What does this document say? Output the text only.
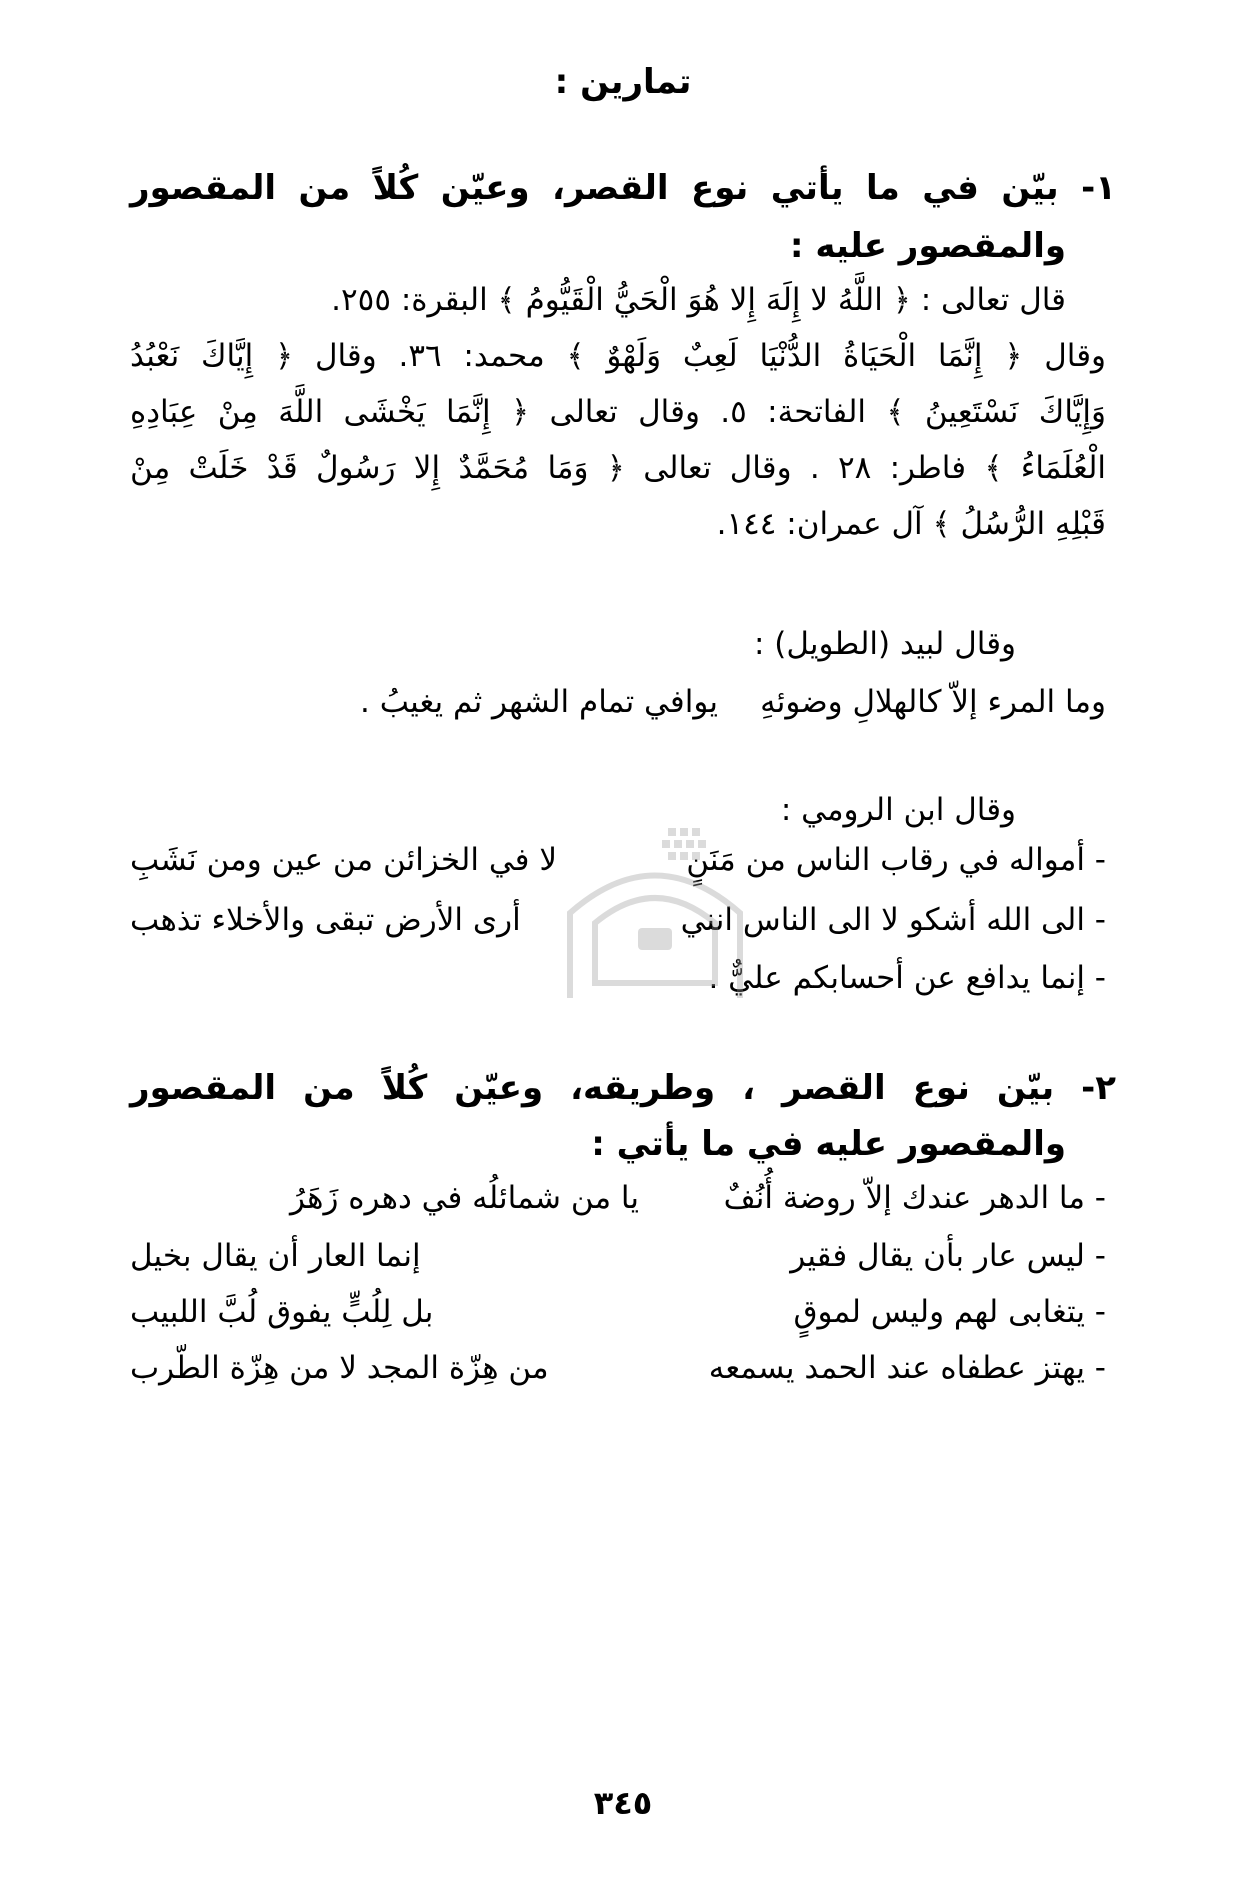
تمارين :
١- بيّن في ما يأتي نوع القصر، وعيّن كُلاً من المقصور
والمقصور عليه :
قال تعالى : ﴿ اللَّهُ لا إِلَهَ إِلا هُوَ الْحَيُّ الْقَيُّومُ ﴾ البقرة: ٢٥٥.
وقال ﴿ إِنَّمَا الْحَيَاةُ الدُّنْيَا لَعِبٌ وَلَهْوٌ ﴾ محمد: ٣٦. وقال ﴿ إِيَّاكَ نَعْبُدُ
وَإِيَّاكَ نَسْتَعِينُ ﴾ الفاتحة: ٥. وقال تعالى ﴿ إِنَّمَا يَخْشَى اللَّهَ مِنْ عِبَادِهِ
الْعُلَمَاءُ ﴾ فاطر: ٢٨ . وقال تعالى ﴿ وَمَا مُحَمَّدٌ إِلا رَسُولٌ قَدْ خَلَتْ مِنْ
قَبْلِهِ الرُّسُلُ ﴾ آل عمران: ١٤٤.
وقال لبيد (الطويل) :
وما المرء إلاّ كالهلالِ وضوئهِ
يوافي تمام الشهر ثم يغيبُ .
وقال ابن الرومي :
- أمواله في رقاب الناس من مَنَنٍ
لا في الخزائن من عين ومن نَشَبِ
- الى الله أشكو لا الى الناس انني
أرى الأرض تبقى والأخلاء تذهب
- إنما يدافع عن أحسابكم عليٌّ .
٢- بيّن نوع القصر ، وطريقه، وعيّن كُلاً من المقصور
والمقصور عليه في ما يأتي :
- ما الدهر عندك إلاّ روضة أُنُفٌ
يا من شمائلُه في دهره زَهَرُ
- ليس عار بأن يقال فقير
إنما العار أن يقال بخيل
- يتغابى لهم وليس لموقٍ
بل لِلُبٍّ يفوق لُبَّ اللبيب
- يهتز عطفاه عند الحمد يسمعه
من هِزّة المجد لا من هِزّة الطّرب
٣٤٥
